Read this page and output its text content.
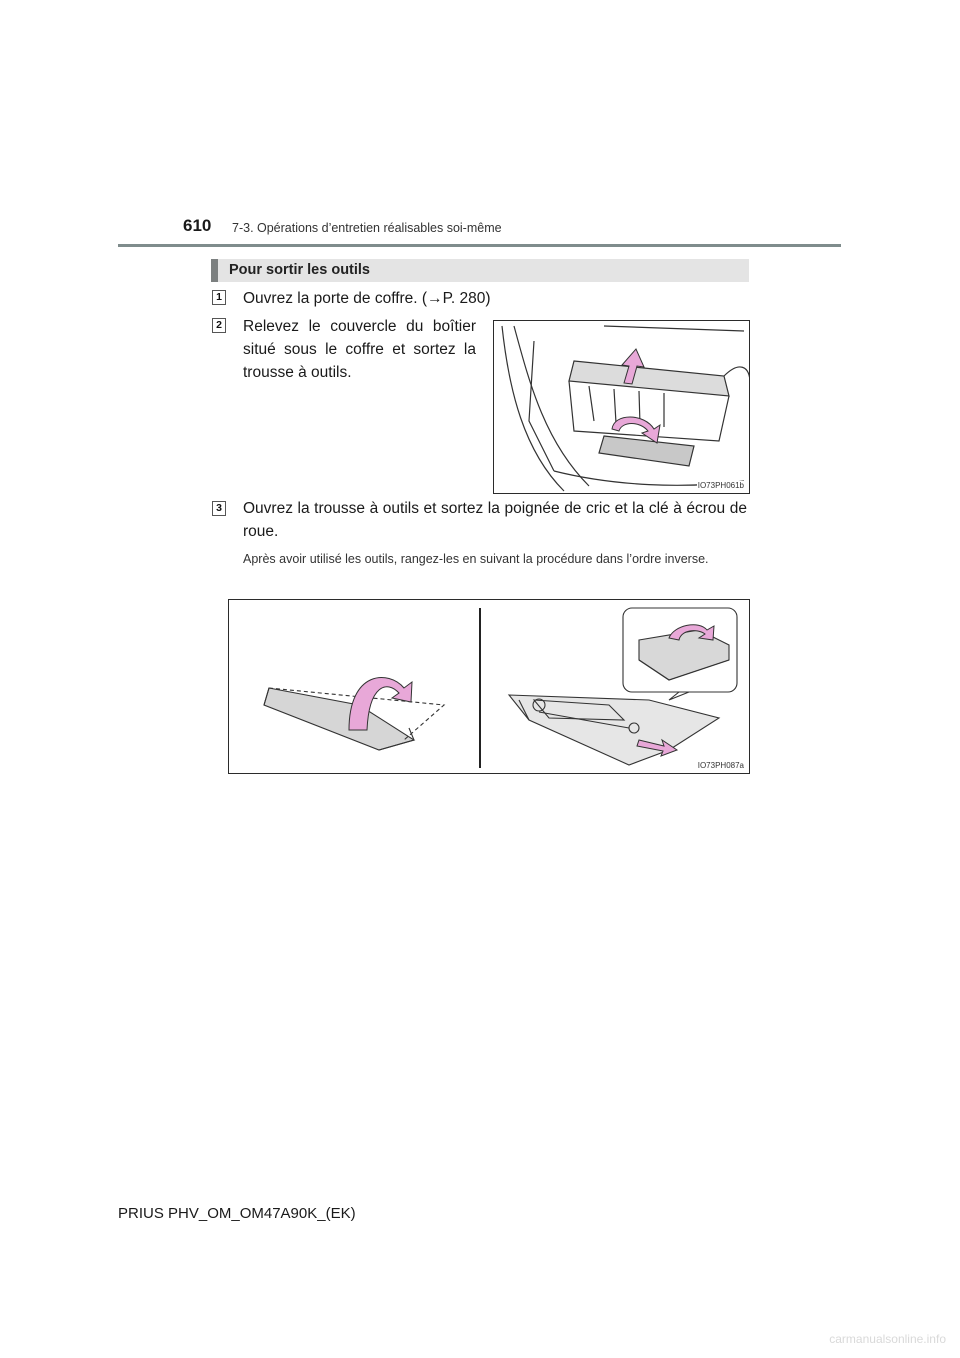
610 7-3. Opérations d’entretien réalisables soi-même
Pour sortir les outils
1 Ouvrez la porte de coffre. (→P. 280)
2 Relevez le couvercle du boîtier situé sous le coffre et sortez la trousse à outils.
IO73PH061b
3 Ouvrez la trousse à outils et sortez la poignée de cric et la clé à écrou de roue.
Après avoir utilisé les outils, rangez-les en suivant la procédure dans l’ordre inverse.
IO73PH087a
PRIUS PHV_OM_OM47A90K_(EK)
carmanualsonline.info
